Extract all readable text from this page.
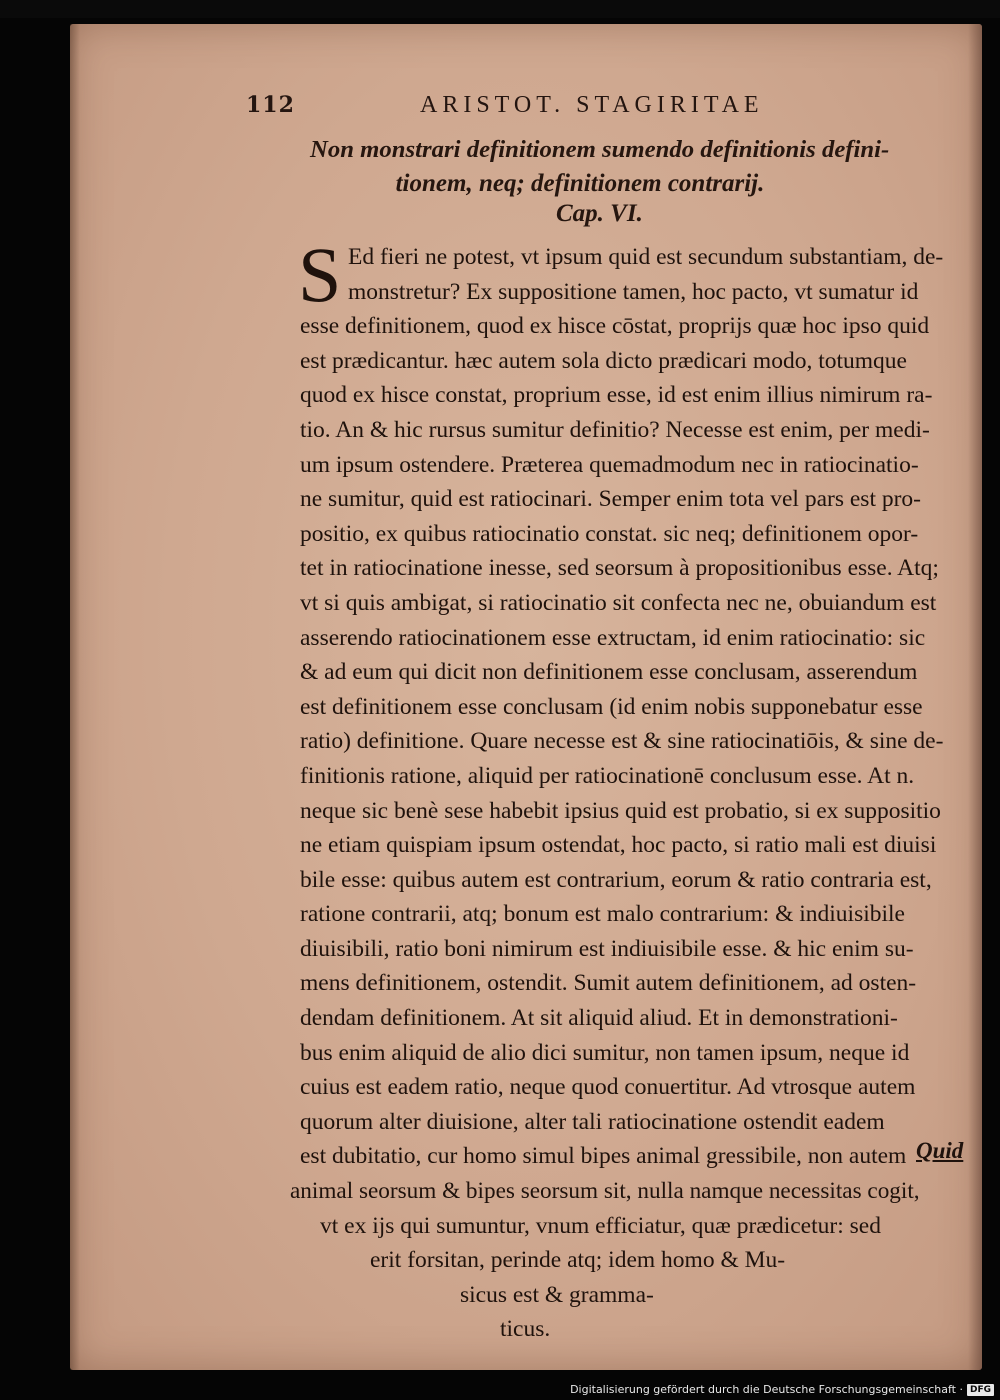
112	ARISTOT. STAGIRITAE
Non monstrari definitionem sumendo definitionis defini-
tionem, neq; definitionem contrarij.
Cap. VI.
S Ed fieri ne potest, vt ipsum quid est secundum substantiam, de-
monstretur? Ex suppositione tamen, hoc pacto, vt sumatur id
esse definitionem, quod ex hisce cōstat, proprijs quæ hoc ipso quid
est prædicantur. hæc autem sola dicto prædicari modo, totumque
quod ex hisce constat, proprium esse, id est enim illius nimirum ra-
tio. An & hic rursus sumitur definitio? Necesse est enim, per medi-
um ipsum ostendere. Præterea quemadmodum nec in ratiocinatio-
ne sumitur, quid est ratiocinari. Semper enim tota vel pars est pro-
positio, ex quibus ratiocinatio constat. sic neq; definitionem opor-
tet in ratiocinatione inesse, sed seorsum à propositionibus esse. Atq;
vt si quis ambigat, si ratiocinatio sit confecta nec ne, obuiandum est
asserendo ratiocinationem esse extructam, id enim ratiocinatio: sic
& ad eum qui dicit non definitionem esse conclusam, asserendum
est definitionem esse conclusam (id enim nobis supponebatur esse
ratio) definitione. Quare necesse est & sine ratiocinatiōis, & sine de-
finitionis ratione, aliquid per ratiocinationē conclusum esse. At n.
neque sic benè sese habebit ipsius quid est probatio, si ex suppositio
ne etiam quispiam ipsum ostendat, hoc pacto, si ratio mali est diuisi
bile esse: quibus autem est contrarium, eorum & ratio contraria est,
ratione contrarii, atq; bonum est malo contrarium: & indiuisibile
diuisibili, ratio boni nimirum est indiuisibile esse. & hic enim su-
mens definitionem, ostendit. Sumit autem definitionem, ad osten-
dendam definitionem. At sit aliquid aliud. Et in demonstrationi-
bus enim aliquid de alio dici sumitur, non tamen ipsum, neque id
cuius est eadem ratio, neque quod conuertitur. Ad vtrosque autem
quorum alter diuisione, alter tali ratiocinatione ostendit eadem
est dubitatio, cur homo simul bipes animal gressibile, non autem
animal seorsum & bipes seorsum sit, nulla namque necessitas cogit,
vt ex ijs qui sumuntur, vnum efficiatur, quæ prædicetur: sed
erit forsitan, perinde atq; idem homo & Mu-
sicus est & gramma-
ticus.
Quid
Digitalisierung gefördert durch die Deutsche Forschungsgemeinschaft · DFG
